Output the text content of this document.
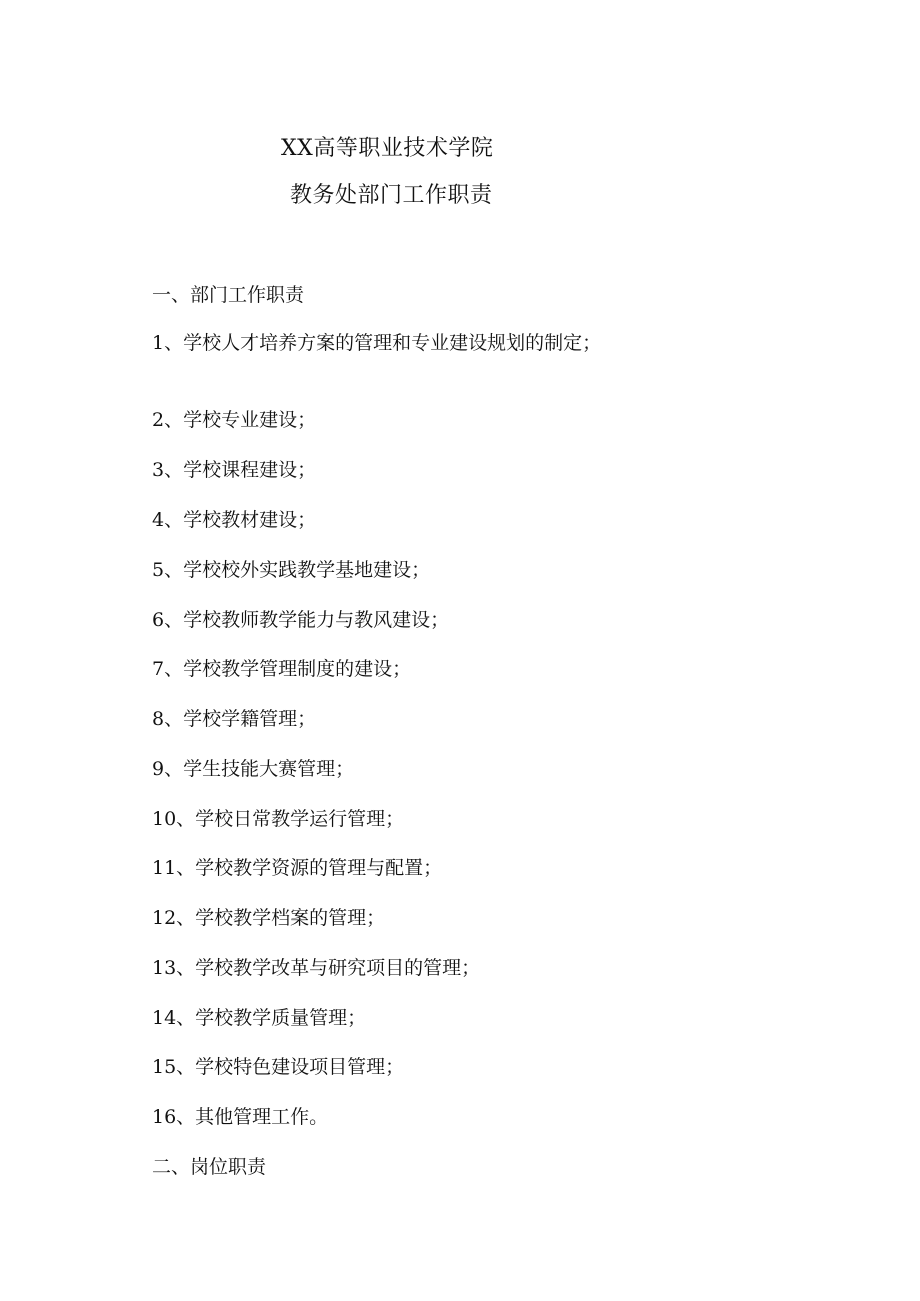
XX高等职业技术学院
教务处部门工作职责

一、部门工作职责

1、学校人才培养方案的管理和专业建设规划的制定；

2、学校专业建设；

3、学校课程建设；

4、学校教材建设；

5、学校校外实践教学基地建设；

6、学校教师教学能力与教风建设；

7、学校教学管理制度的建设；

8、学校学籍管理；

9、学生技能大赛管理；

10、学校日常教学运行管理；

11、学校教学资源的管理与配置；

12、学校教学档案的管理；

13、学校教学改革与研究项目的管理；

14、学校教学质量管理；

15、学校特色建设项目管理；

16、其他管理工作。

二、岗位职责
